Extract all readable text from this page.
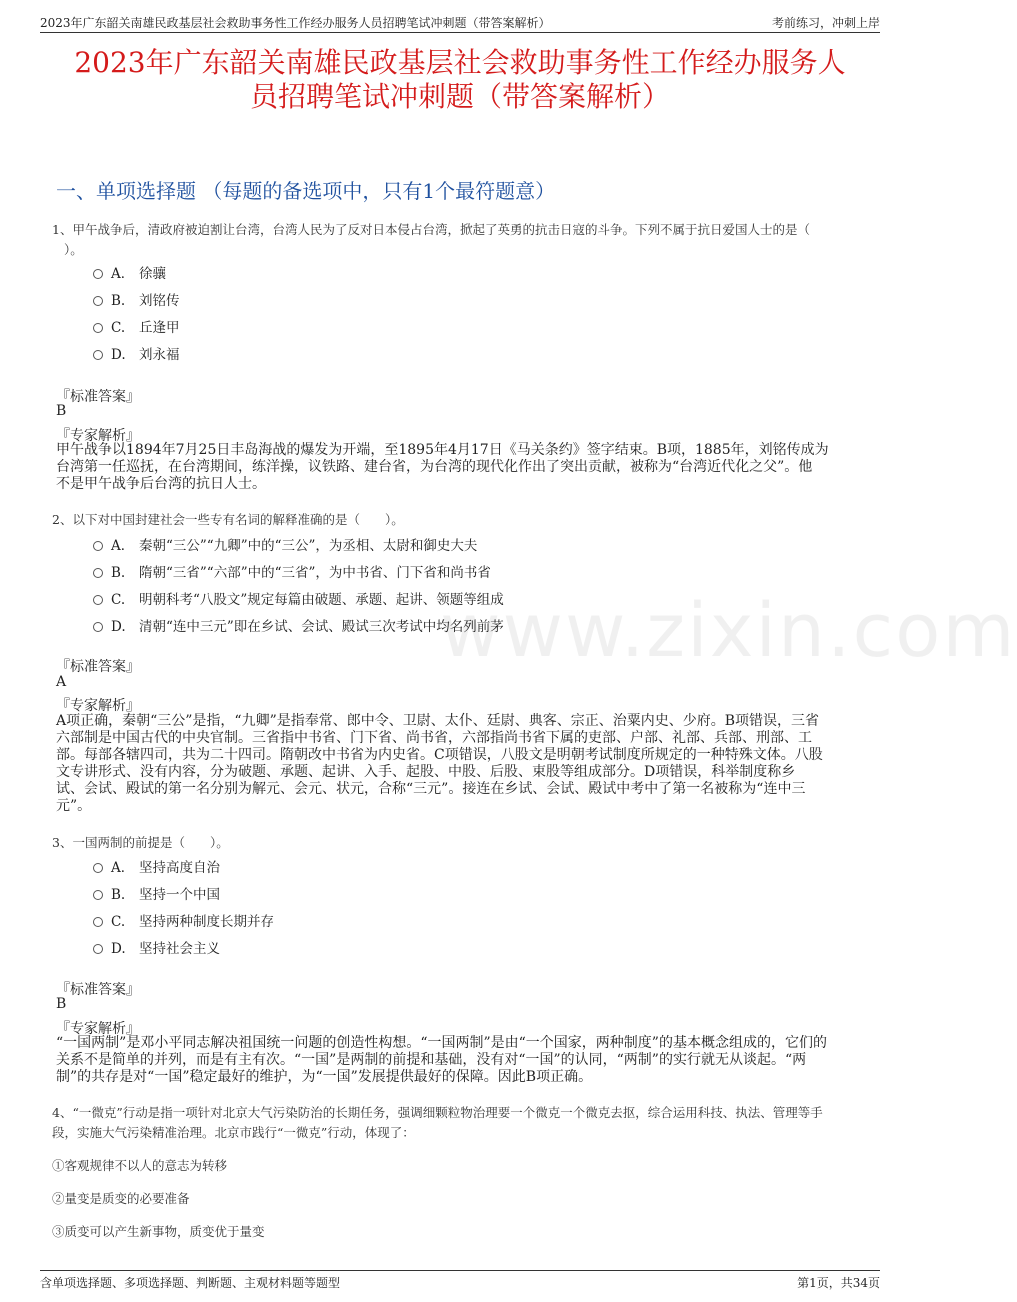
2023年广东韶关南雄民政基层社会救助事务性工作经办服务人员招聘笔试冲刺题（带答案解析）	考前练习，冲刺上岸
2023年广东韶关南雄民政基层社会救助事务性工作经办服务人
员招聘笔试冲刺题（带答案解析）
一、单项选择题 （每题的备选项中，只有1个最符题意）
www.zixin.com
1、甲午战争后，清政府被迫割让台湾，台湾人民为了反对日本侵占台湾，掀起了英勇的抗击日寇的斗争。下列不属于抗日爱国人士的是（
）。
A． 徐骧
B. 刘铭传
C. 丘逢甲
D. 刘永福
『标准答案』
B
『专家解析』
甲午战争以1894年7月25日丰岛海战的爆发为开端，至1895年4月17日《马关条约》签字结束。B项，1885年，刘铭传成为
台湾第一任巡抚，在台湾期间，练洋操，议铁路、建台省，为台湾的现代化作出了突出贡献，被称为“台湾近代化之父”。他
不是甲午战争后台湾的抗日人士。
2、以下对中国封建社会一些专有名词的解释准确的是（　　）。
A． 秦朝“三公”“九卿”中的“三公”，为丞相、太尉和御史大夫
B. 隋朝“三省”“六部”中的“三省”，为中书省、门下省和尚书省
C. 明朝科考“八股文”规定每篇由破题、承题、起讲、领题等组成
D. 清朝“连中三元”即在乡试、会试、殿试三次考试中均名列前茅
『标准答案』
A
『专家解析』
A项正确，秦朝“三公”是指，“九卿”是指奉常、郎中令、卫尉、太仆、廷尉、典客、宗正、治粟内史、少府。B项错误，三省
六部制是中国古代的中央官制。三省指中书省、门下省、尚书省，六部指尚书省下属的吏部、户部、礼部、兵部、刑部、工
部。每部各辖四司，共为二十四司。隋朝改中书省为内史省。C项错误，八股文是明朝考试制度所规定的一种特殊文体。八股
文专讲形式、没有内容，分为破题、承题、起讲、入手、起股、中股、后股、束股等组成部分。D项错误，科举制度称乡
试、会试、殿试的第一名分别为解元、会元、状元，合称“三元”。接连在乡试、会试、殿试中考中了第一名被称为“连中三
元”。
3、一国两制的前提是（　　）。
A． 坚持高度自治
B. 坚持一个中国
C. 坚持两种制度长期并存
D. 坚持社会主义
『标准答案』
B
『专家解析』
“一国两制”是邓小平同志解决祖国统一问题的创造性构想。“一国两制”是由“一个国家，两种制度”的基本概念组成的，它们的
关系不是简单的并列，而是有主有次。“一国”是两制的前提和基础，没有对“一国”的认同，“两制”的实行就无从谈起。“两
制”的共存是对“一国”稳定最好的维护，为“一国”发展提供最好的保障。因此B项正确。
4、“一微克”行动是指一项针对北京大气污染防治的长期任务，强调细颗粒物治理要一个微克一个微克去抠，综合运用科技、执法、管理等手
段，实施大气污染精准治理。北京市践行“一微克”行动，体现了：
①客观规律不以人的意志为转移
②量变是质变的必要准备
③质变可以产生新事物，质变优于量变
含单项选择题、多项选择题、判断题、主观材料题等题型	第1页，共34页
